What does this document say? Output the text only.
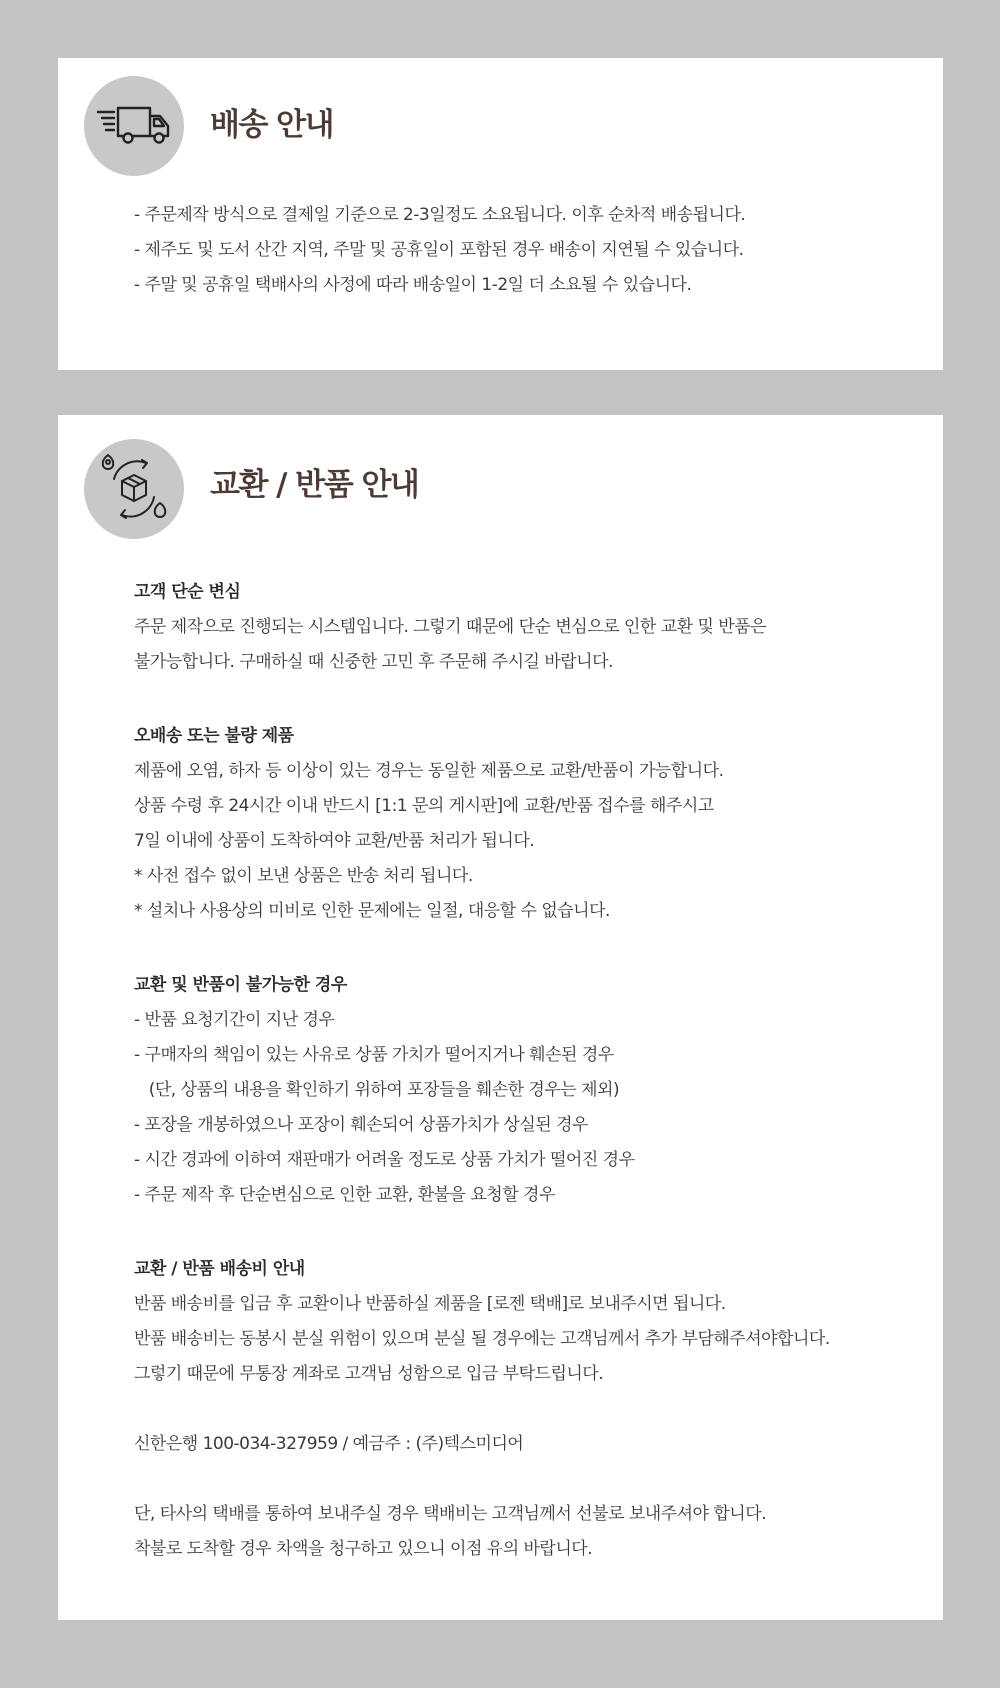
배송 안내
- 주문제작 방식으로 결제일 기준으로 2-3일정도 소요됩니다. 이후 순차적 배송됩니다.
- 제주도 및 도서 산간 지역, 주말 및 공휴일이 포함된 경우 배송이 지연될 수 있습니다.
- 주말 및 공휴일 택배사의 사정에 따라 배송일이 1-2일 더 소요될 수 있습니다.
교환 / 반품 안내
고객 단순 변심
주문 제작으로 진행되는 시스템입니다. 그렇기 때문에 단순 변심으로 인한 교환 및 반품은
불가능합니다. 구매하실 때 신중한 고민 후 주문해 주시길 바랍니다.
오배송 또는 불량 제품
제품에 오염, 하자 등 이상이 있는 경우는 동일한 제품으로 교환/반품이 가능합니다.
상품 수령 후 24시간 이내 반드시 [1:1 문의 게시판]에 교환/반품 접수를 해주시고
7일 이내에 상품이 도착하여야 교환/반품 처리가 됩니다.
* 사전 접수 없이 보낸 상품은 반송 처리 됩니다.
* 설치나 사용상의 미비로 인한 문제에는 일절, 대응할 수 없습니다.
교환 및 반품이 불가능한 경우
- 반품 요청기간이 지난 경우
- 구매자의 책임이 있는 사유로 상품 가치가 떨어지거나 훼손된 경우
(단, 상품의 내용을 확인하기 위하여 포장들을 훼손한 경우는 제외)
- 포장을 개봉하였으나 포장이 훼손되어 상품가치가 상실된 경우
- 시간 경과에 이하여 재판매가 어려울 정도로 상품 가치가 떨어진 경우
- 주문 제작 후 단순변심으로 인한 교환, 환불을 요청할 경우
교환 / 반품 배송비 안내
반품 배송비를 입금 후 교환이나 반품하실 제품을 [로젠 택배]로 보내주시면 됩니다.
반품 배송비는 동봉시 분실 위험이 있으며 분실 될 경우에는 고객님께서 추가 부담해주셔야합니다.
그렇기 때문에 무통장 계좌로 고객님 성함으로 입금 부탁드립니다.
신한은행 100-034-327959 / 예금주 : (주)텍스미디어
단, 타사의 택배를 통하여 보내주실 경우 택배비는 고객님께서 선불로 보내주셔야 합니다.
착불로 도착할 경우 차액을 청구하고 있으니 이점 유의 바랍니다.
